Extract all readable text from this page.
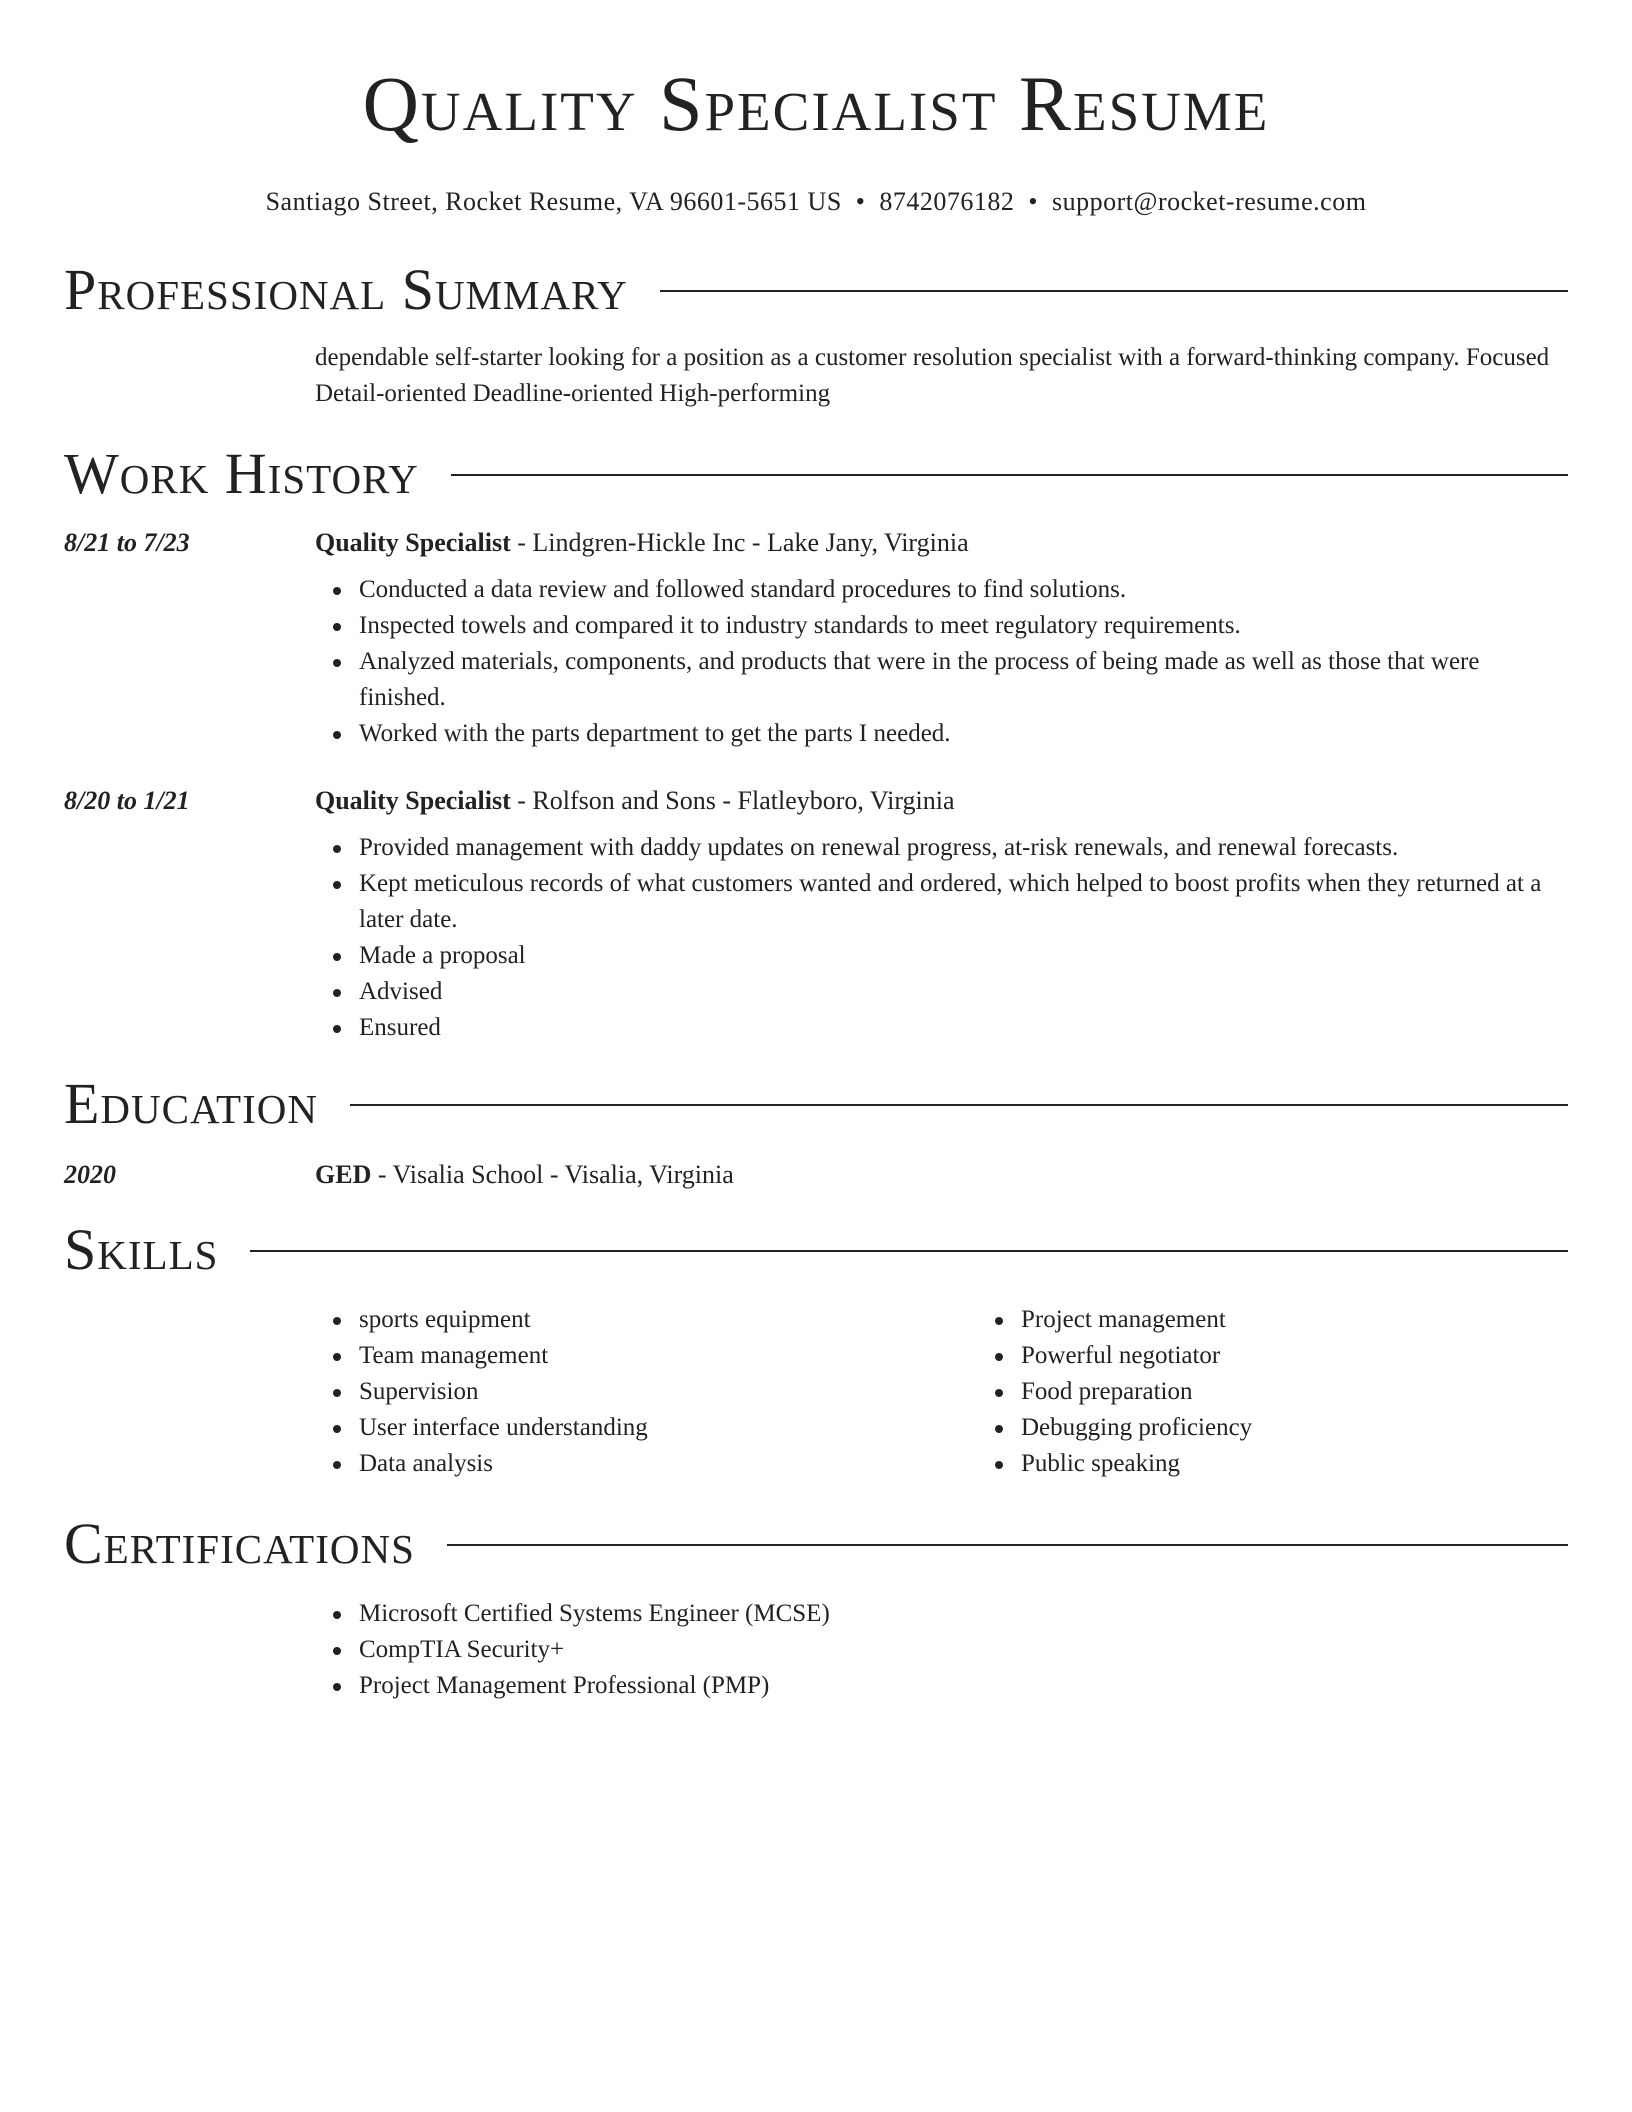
Quality Specialist Resume
Santiago Street, Rocket Resume, VA 96601-5651 US • 8742076182 • support@rocket-resume.com
Professional Summary
dependable self-starter looking for a position as a customer resolution specialist with a forward-thinking company. Focused Detail-oriented Deadline-oriented High-performing
Work History
8/21 to 7/23	Quality Specialist - Lindgren-Hickle Inc - Lake Jany, Virginia
Conducted a data review and followed standard procedures to find solutions.
Inspected towels and compared it to industry standards to meet regulatory requirements.
Analyzed materials, components, and products that were in the process of being made as well as those that were finished.
Worked with the parts department to get the parts I needed.
8/20 to 1/21	Quality Specialist - Rolfson and Sons - Flatleyboro, Virginia
Provided management with daddy updates on renewal progress, at-risk renewals, and renewal forecasts.
Kept meticulous records of what customers wanted and ordered, which helped to boost profits when they returned at a later date.
Made a proposal
Advised
Ensured
Education
2020	GED - Visalia School - Visalia, Virginia
Skills
sports equipment
Team management
Supervision
User interface understanding
Data analysis
Project management
Powerful negotiator
Food preparation
Debugging proficiency
Public speaking
Certifications
Microsoft Certified Systems Engineer (MCSE)
CompTIA Security+
Project Management Professional (PMP)
